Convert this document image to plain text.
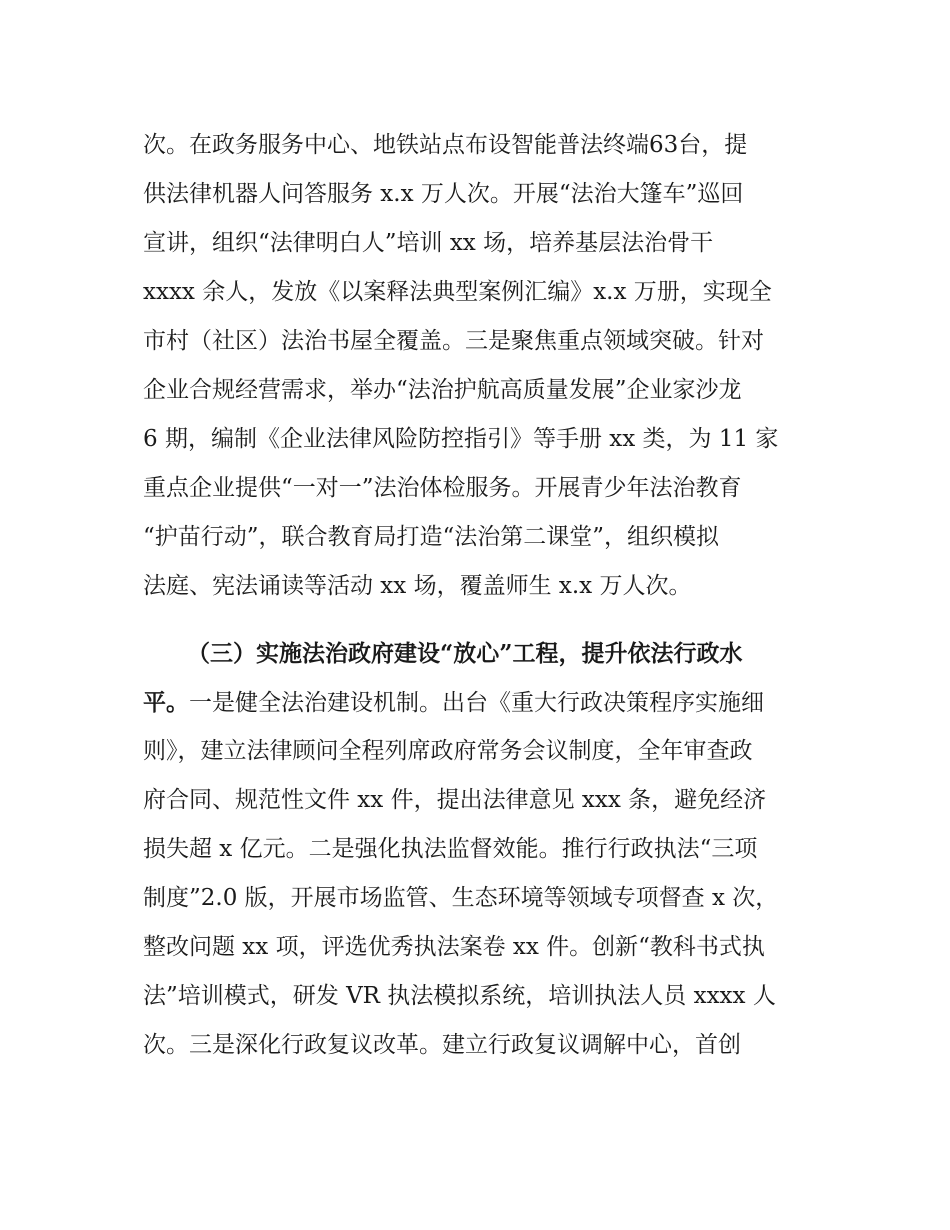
次。在政务服务中心、地铁站点布设智能普法终端63台，提
供法律机器人问答服务 x.x 万人次。开展“法治大篷车”巡回
宣讲，组织“法律明白人”培训 xx 场，培养基层法治骨干
xxxx 余人，发放《以案释法典型案例汇编》x.x 万册，实现全
市村（社区）法治书屋全覆盖。三是聚焦重点领域突破。针对
企业合规经营需求，举办“法治护航高质量发展”企业家沙龙
6 期，编制《企业法律风险防控指引》等手册 xx 类，为 11 家
重点企业提供“一对一”法治体检服务。开展青少年法治教育
“护苗行动”，联合教育局打造“法治第二课堂”，组织模拟
法庭、宪法诵读等活动 xx 场，覆盖师生 x.x 万人次。
（三）实施法治政府建设“放心”工程，提升依法行政水
平。一是健全法治建设机制。出台《重大行政决策程序实施细
则》，建立法律顾问全程列席政府常务会议制度，全年审查政
府合同、规范性文件 xx 件，提出法律意见 xxx 条，避免经济
损失超 x 亿元。二是强化执法监督效能。推行行政执法“三项
制度”2.0 版，开展市场监管、生态环境等领域专项督查 x 次，
整改问题 xx 项，评选优秀执法案卷 xx 件。创新“教科书式执
法”培训模式，研发 VR 执法模拟系统，培训执法人员 xxxx 人
次。三是深化行政复议改革。建立行政复议调解中心，首创
